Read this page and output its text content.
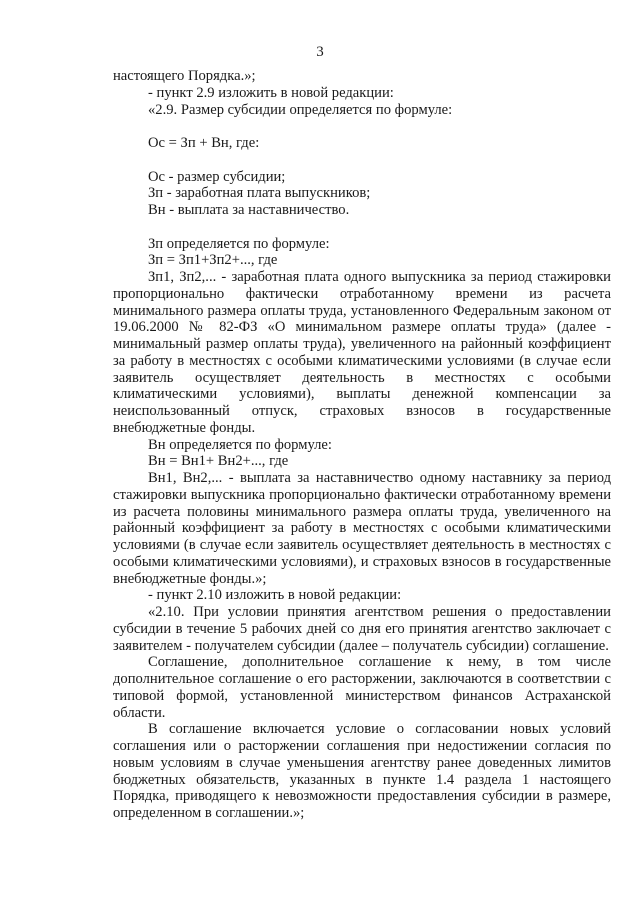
3

настоящего Порядка.»;

- пункт 2.9 изложить в новой редакции:

«2.9. Размер субсидии определяется по формуле:

Ос = Зп + Вн, где:

Ос - размер субсидии;

Зп - заработная плата выпускников;

Вн - выплата за наставничество.

Зп определяется по формуле:

Зп = Зп1+Зп2+..., где

Зп1, Зп2,... - заработная плата одного выпускника за период стажировки пропорционально фактически отработанному времени из расчета минимального размера оплаты труда, установленного Федеральным законом от 19.06.2000 № 82-ФЗ «О минимальном размере оплаты труда» (далее - минимальный размер оплаты труда), увеличенного на районный коэффициент за работу в местностях с особыми климатическими условиями (в случае если заявитель осуществляет деятельность в местностях с особыми климатическими условиями), выплаты денежной компенсации за неиспользованный отпуск, страховых взносов в государственные внебюджетные фонды.

Вн определяется по формуле:

Вн = Вн1+ Вн2+..., где

Вн1, Вн2,... - выплата за наставничество одному наставнику за период стажировки выпускника пропорционально фактически отработанному времени из расчета половины минимального размера оплаты труда, увеличенного на районный коэффициент за работу в местностях с особыми климатическими условиями (в случае если заявитель осуществляет деятельность в местностях с особыми климатическими условиями), и страховых взносов в государственные внебюджетные фонды.»;

- пункт 2.10 изложить в новой редакции:

«2.10. При условии принятия агентством решения о предоставлении субсидии в течение 5 рабочих дней со дня его принятия агентство заключает с заявителем - получателем субсидии (далее – получатель субсидии) соглашение.

Соглашение, дополнительное соглашение к нему, в том числе дополнительное соглашение о его расторжении, заключаются в соответствии с типовой формой, установленной министерством финансов Астраханской области.

В соглашение включается условие о согласовании новых условий соглашения или о расторжении соглашения при недостижении согласия по новым условиям в случае уменьшения агентству ранее доведенных лимитов бюджетных обязательств, указанных в пункте 1.4 раздела 1 настоящего Порядка, приводящего к невозможности предоставления субсидии в размере, определенном в соглашении.»;
